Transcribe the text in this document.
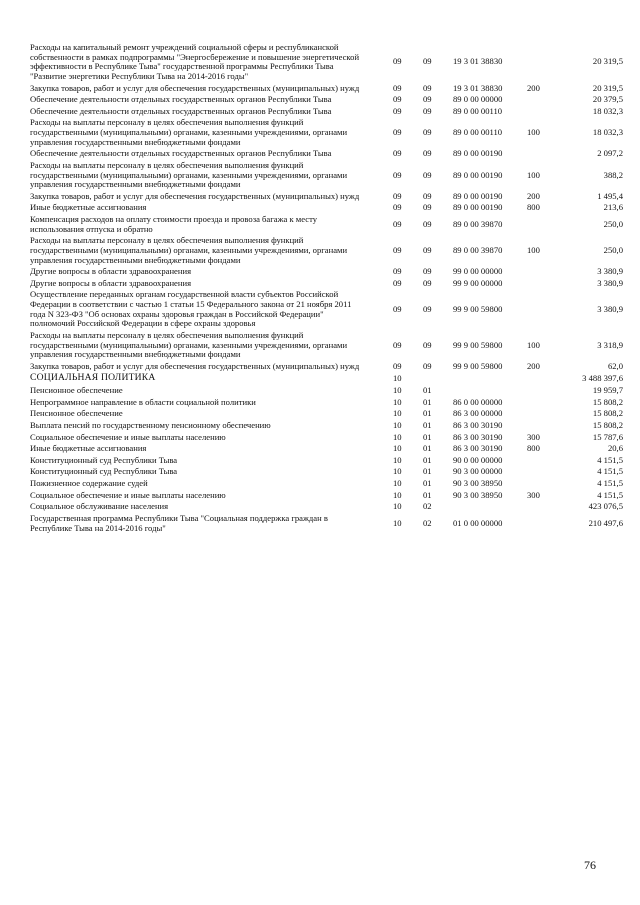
Расходы на капитальный ремонт учреждений социальной сферы и республиканской собственности в рамках подпрограммы "Энергосбережение и повышение энергетической эффективности в Республике Тыва" государственной программы Республики Тыва "Развитие энергетики Республики Тыва на 2014-2016 годы"	09	09	19 3 01 38830		20 319,5
Закупка товаров, работ и услуг для обеспечения государственных (муниципальных) нужд	09	09	19 3 01 38830	200	20 319,5
Обеспечение деятельности отдельных государственных органов Республики Тыва	09	09	89 0 00 00000		20 379,5
Обеспечение деятельности отдельных государственных органов Республики Тыва	09	09	89 0 00 00110		18 032,3
Расходы на выплаты персоналу в целях обеспечения выполнения функций государственными (муниципальными) органами, казенными учреждениями, органами управления государственными внебюджетными фондами	09	09	89 0 00 00110	100	18 032,3
Обеспечение деятельности отдельных государственных органов Республики Тыва	09	09	89 0 00 00190		2 097,2
Расходы на выплаты персоналу в целях обеспечения выполнения функций государственными (муниципальными) органами, казенными учреждениями, органами управления государственными внебюджетными фондами	09	09	89 0 00 00190	100	388,2
Закупка товаров, работ и услуг для обеспечения государственных (муниципальных) нужд	09	09	89 0 00 00190	200	1 495,4
Иные бюджетные ассигнования	09	09	89 0 00 00190	800	213,6
Компенсация расходов на оплату стоимости проезда и провоза багажа к месту использования отпуска и обратно	09	09	89 0 00 39870		250,0
Расходы на выплаты персоналу в целях обеспечения выполнения функций государственными (муниципальными) органами, казенными учреждениями, органами управления государственными внебюджетными фондами	09	09	89 0 00 39870	100	250,0
Другие вопросы в области здравоохранения	09	09	99 0 00 00000		3 380,9
Другие вопросы в области здравоохранения	09	09	99 9 00 00000		3 380,9
Осуществление переданных органам государственной власти субъектов Российской Федерации в соответствии с частью 1 статьи 15 Федерального закона от 21 ноября 2011 года N 323-ФЗ "Об основах охраны здоровья граждан в Российской Федерации" полномочий Российской Федерации в сфере охраны здоровья	09	09	99 9 00 59800		3 380,9
Расходы на выплаты персоналу в целях обеспечения выполнения функций государственными (муниципальными) органами, казенными учреждениями, органами управления государственными внебюджетными фондами	09	09	99 9 00 59800	100	3 318,9
Закупка товаров, работ и услуг для обеспечения государственных (муниципальных) нужд	09	09	99 9 00 59800	200	62,0
СОЦИАЛЬНАЯ ПОЛИТИКА	10				3 488 397,6
Пенсионное обеспечение	10	01			19 959,7
Непрограммное направление в области социальной политики	10	01	86 0 00 00000		15 808,2
Пенсионное обеспечение	10	01	86 3 00 00000		15 808,2
Выплата пенсий по государственному пенсионному обеспечению	10	01	86 3 00 30190		15 808,2
Социальное обеспечение и иные выплаты населению	10	01	86 3 00 30190	300	15 787,6
Иные бюджетные ассигнования	10	01	86 3 00 30190	800	20,6
Конституционный суд Республики Тыва	10	01	90 0 00 00000		4 151,5
Конституционный суд Республики Тыва	10	01	90 3 00 00000		4 151,5
Пожизненное содержание судей	10	01	90 3 00 38950		4 151,5
Социальное обеспечение и иные выплаты населению	10	01	90 3 00 38950	300	4 151,5
Социальное обслуживание населения	10	02			423 076,5
Государственная программа Республики Тыва "Социальная поддержка граждан в Республике Тыва на 2014-2016 годы"	10	02	01 0 00 00000		210 497,6
76
